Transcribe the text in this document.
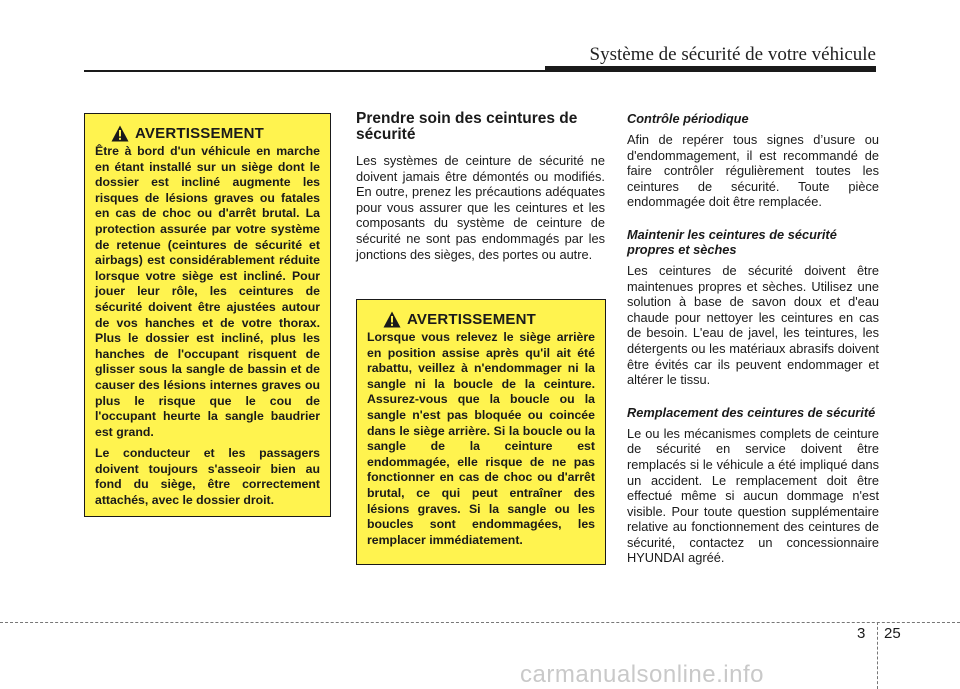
Système de sécurité de votre véhicule
AVERTISSEMENT

Être à bord d'un véhicule en marche en étant installé sur un siège dont le dossier est incliné augmente les risques de lésions graves ou fatales en cas de choc ou d'arrêt brutal. La protection assurée par votre système de retenue (ceintures de sécurité et airbags) est considérablement réduite lorsque votre siège est incliné. Pour jouer leur rôle, les ceintures de sécurité doivent être ajustées autour de vos hanches et de votre thorax. Plus le dossier est incliné, plus les hanches de l'occupant risquent de glisser sous la sangle de bassin et de causer des lésions internes graves ou plus le risque que le cou de l'occupant heurte la sangle baudrier est grand.

Le conducteur et les passagers doivent toujours s'asseoir bien au fond du siège, être correctement attachés, avec le dossier droit.

Prendre soin des ceintures de sécurité

Les systèmes de ceinture de sécurité ne doivent jamais être démontés ou modifiés. En outre, prenez les précautions adéquates pour vous assurer que les ceintures et les composants du système de ceinture de sécurité ne sont pas endommagés par les jonctions des sièges, des portes ou autre.

AVERTISSEMENT

Lorsque vous relevez le siège arrière en position assise après qu'il ait été rabattu, veillez à n'endommager ni la sangle ni la boucle de la ceinture. Assurez-vous que la boucle ou la sangle n'est pas bloquée ou coincée dans le siège arrière. Si la boucle ou la sangle de la ceinture est endommagée, elle risque de ne pas fonctionner en cas de choc ou d'arrêt brutal, ce qui peut entraîner des lésions graves. Si la sangle ou les boucles sont endommagées, les remplacer immédiatement.

Contrôle périodique

Afin de repérer tous signes d’usure ou d'endommagement, il est recommandé de faire contrôler régulièrement toutes les ceintures de sécurité. Toute pièce endommagée doit être remplacée.

Maintenir les ceintures de sécurité propres et sèches

Les ceintures de sécurité doivent être maintenues propres et sèches. Utilisez une solution à base de savon doux et d'eau chaude pour nettoyer les ceintures en cas de besoin. L'eau de javel, les teintures, les détergents ou les matériaux abrasifs doivent être évités car ils peuvent endommager et altérer le tissu.

Remplacement des ceintures de sécurité

Le ou les mécanismes complets de ceinture de sécurité en service doivent être remplacés si le véhicule a été impliqué dans un accident. Le remplacement doit être effectué même si aucun dommage n'est visible. Pour toute question supplémentaire relative au fonctionnement des ceintures de sécurité, contactez un concessionnaire HYUNDAI agréé.

3 25
carmanualsonline.info
